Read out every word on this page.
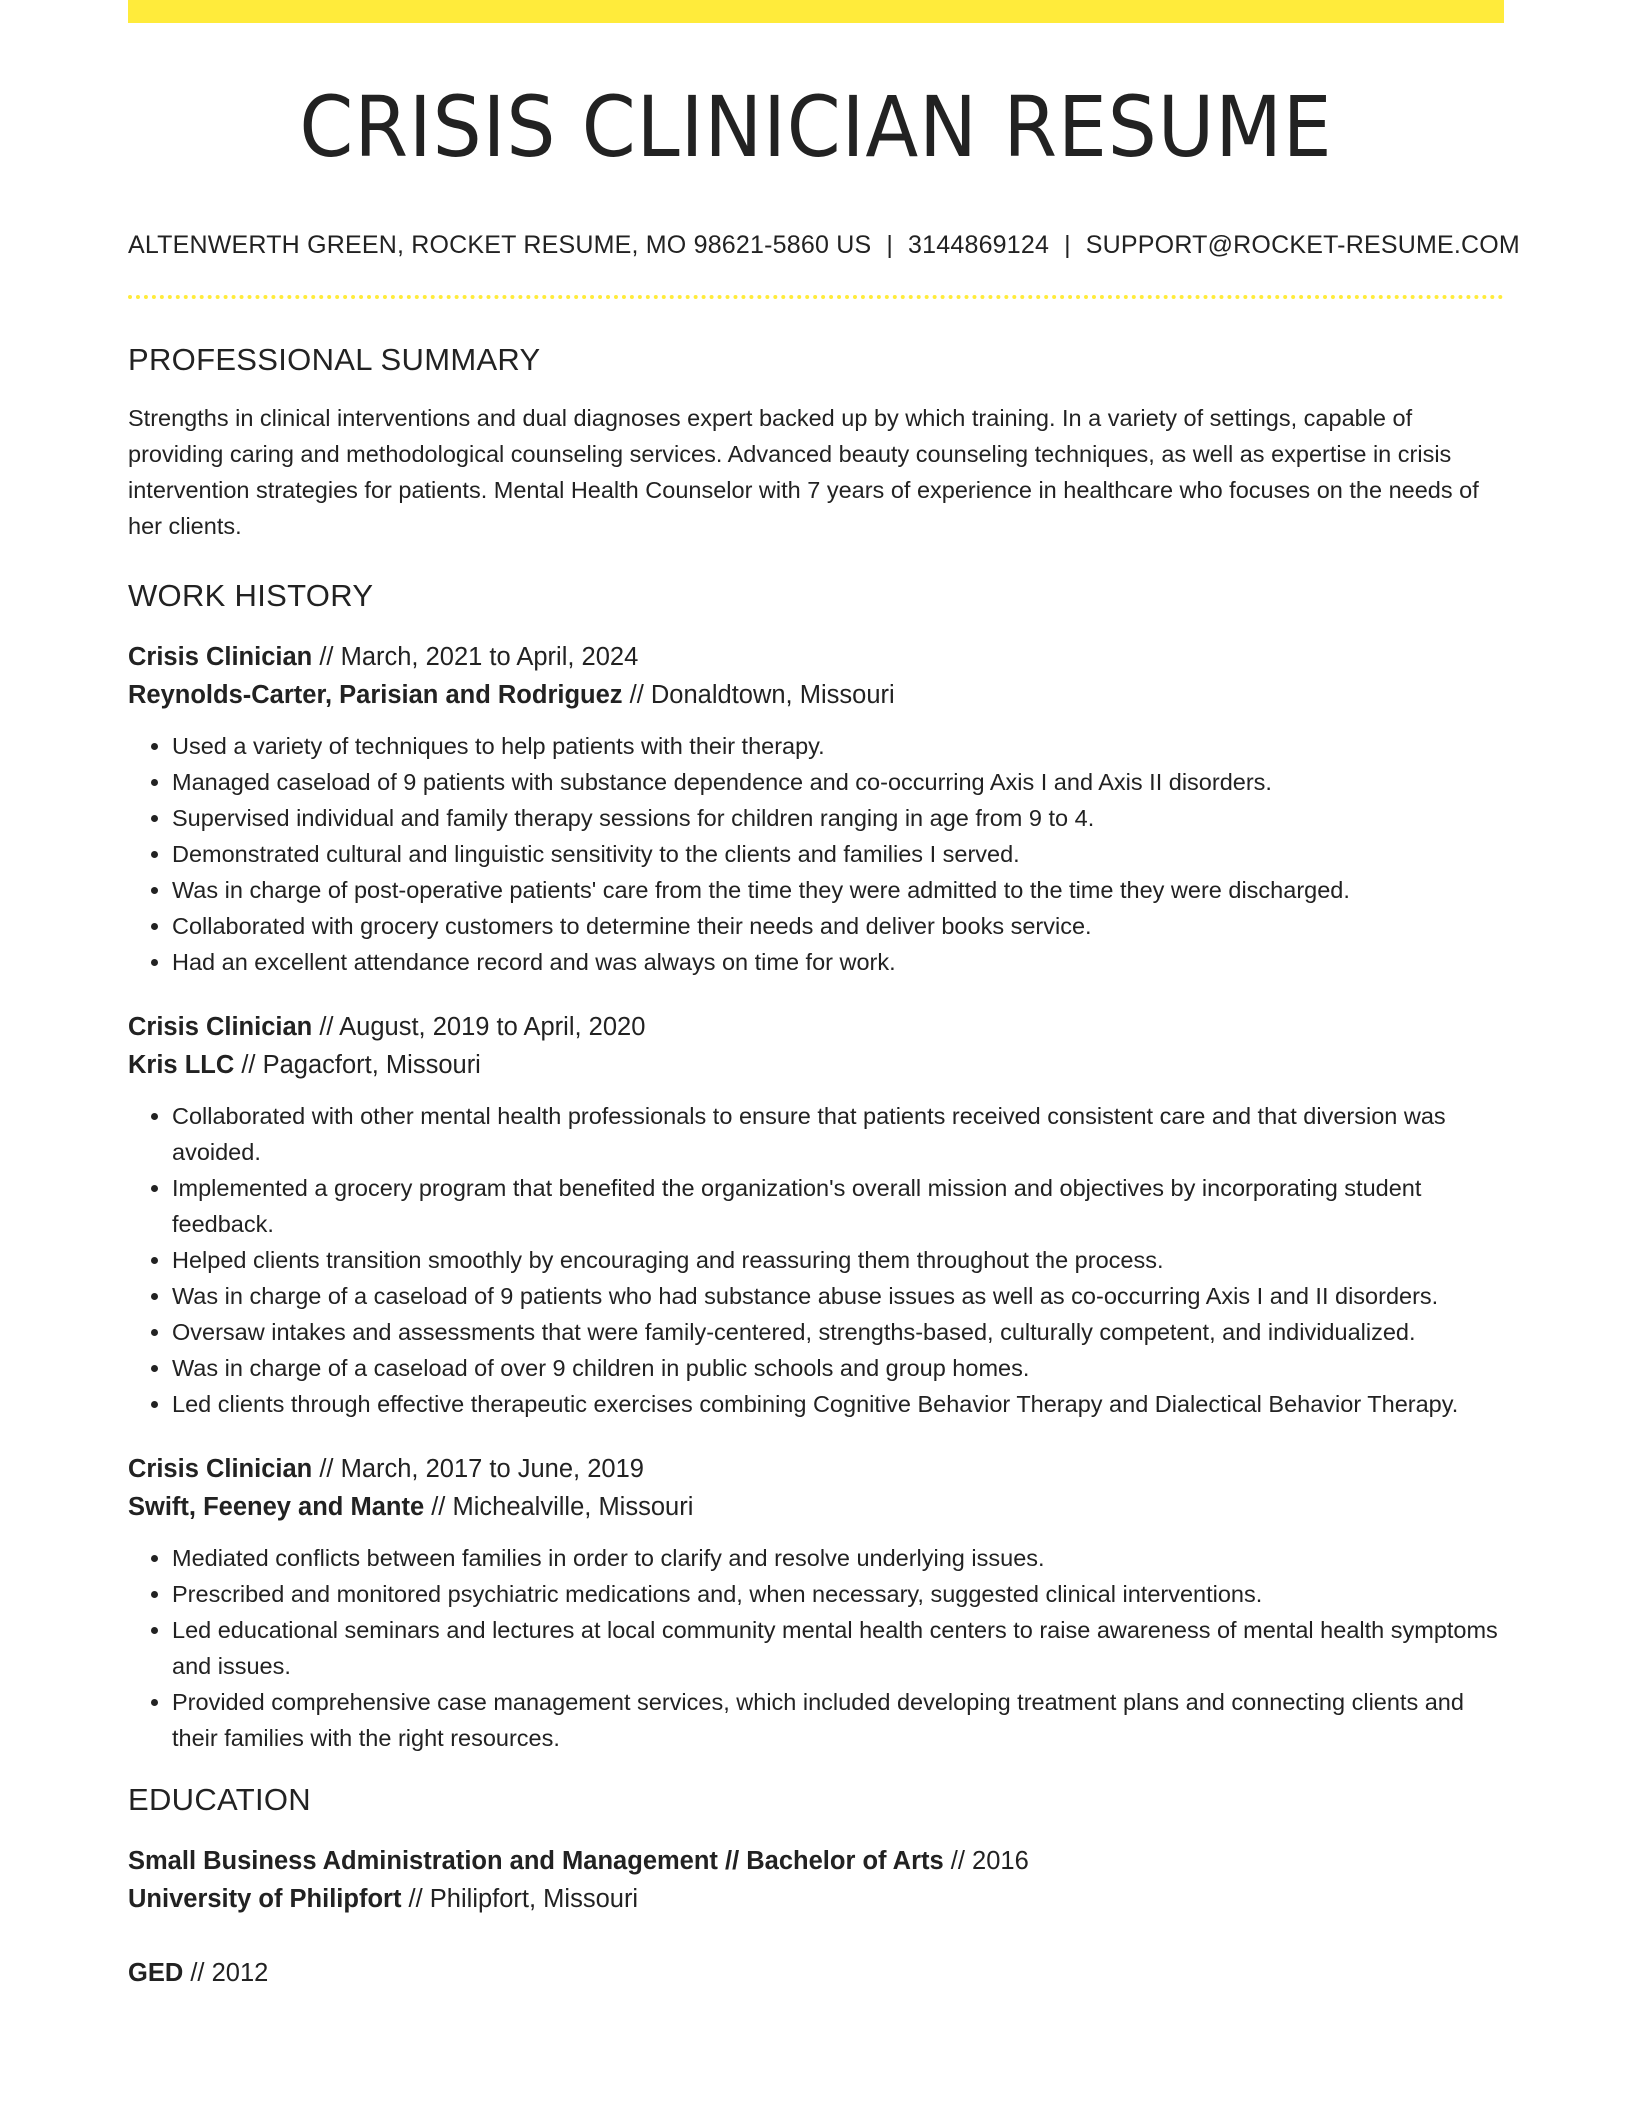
CRISIS CLINICIAN RESUME
ALTENWERTH GREEN, ROCKET RESUME, MO 98621-5860 US | 3144869124 | SUPPORT@ROCKET-RESUME.COM
PROFESSIONAL SUMMARY
Strengths in clinical interventions and dual diagnoses expert backed up by which training. In a variety of settings, capable of providing caring and methodological counseling services. Advanced beauty counseling techniques, as well as expertise in crisis intervention strategies for patients. Mental Health Counselor with 7 years of experience in healthcare who focuses on the needs of her clients.
WORK HISTORY
Crisis Clinician // March, 2021 to April, 2024
Reynolds-Carter, Parisian and Rodriguez // Donaldtown, Missouri
• Used a variety of techniques to help patients with their therapy.
• Managed caseload of 9 patients with substance dependence and co-occurring Axis I and Axis II disorders.
• Supervised individual and family therapy sessions for children ranging in age from 9 to 4.
• Demonstrated cultural and linguistic sensitivity to the clients and families I served.
• Was in charge of post-operative patients' care from the time they were admitted to the time they were discharged.
• Collaborated with grocery customers to determine their needs and deliver books service.
• Had an excellent attendance record and was always on time for work.
Crisis Clinician // August, 2019 to April, 2020
Kris LLC // Pagacfort, Missouri
• Collaborated with other mental health professionals to ensure that patients received consistent care and that diversion was avoided.
• Implemented a grocery program that benefited the organization's overall mission and objectives by incorporating student feedback.
• Helped clients transition smoothly by encouraging and reassuring them throughout the process.
• Was in charge of a caseload of 9 patients who had substance abuse issues as well as co-occurring Axis I and II disorders.
• Oversaw intakes and assessments that were family-centered, strengths-based, culturally competent, and individualized.
• Was in charge of a caseload of over 9 children in public schools and group homes.
• Led clients through effective therapeutic exercises combining Cognitive Behavior Therapy and Dialectical Behavior Therapy.
Crisis Clinician // March, 2017 to June, 2019
Swift, Feeney and Mante // Michealville, Missouri
• Mediated conflicts between families in order to clarify and resolve underlying issues.
• Prescribed and monitored psychiatric medications and, when necessary, suggested clinical interventions.
• Led educational seminars and lectures at local community mental health centers to raise awareness of mental health symptoms and issues.
• Provided comprehensive case management services, which included developing treatment plans and connecting clients and their families with the right resources.
EDUCATION
Small Business Administration and Management // Bachelor of Arts // 2016
University of Philipfort // Philipfort, Missouri
GED // 2012
